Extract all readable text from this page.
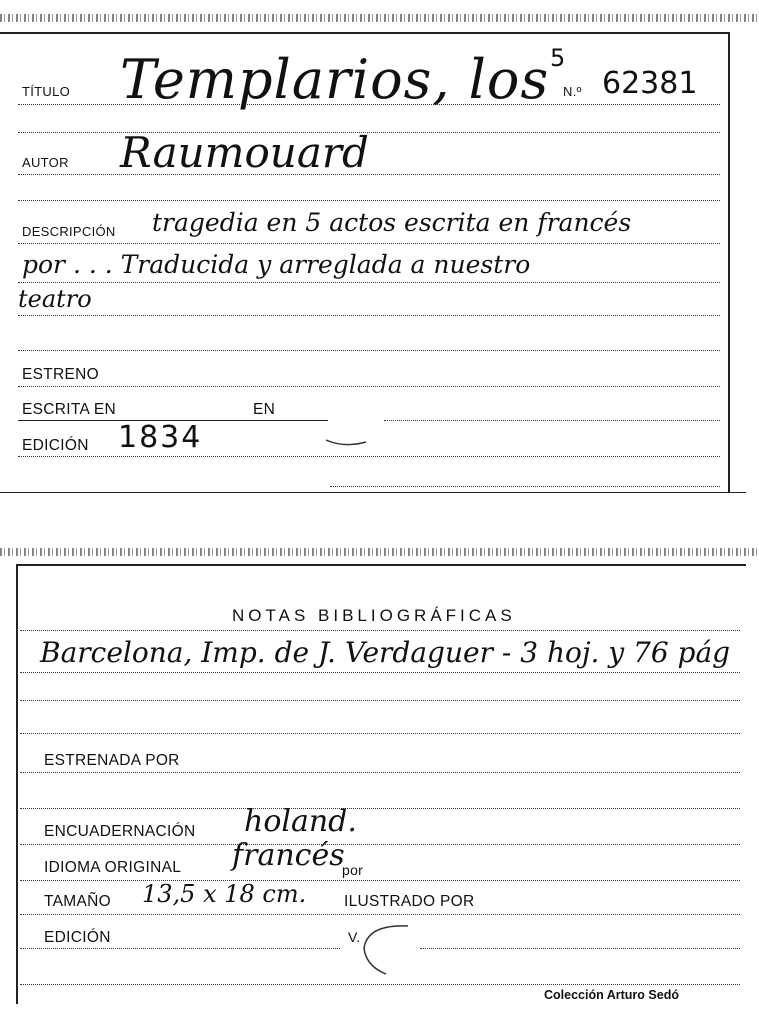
TÍTULO Templarios, los 5
N.º 62381
AUTOR Raumouard
DESCRIPCIÓN tragedia en 5 actos escrita en francés
por . . . Traducida y arreglada a nuestro
teatro
ESTRENO
ESCRITA EN	EN
EDICIÓN 1834
NOTAS BIBLIOGRÁFICAS
Barcelona, Imp. de J. Verdaguer - 3 hoj. y 76 pág
ESTRENADA POR
ENCUADERNACIÓN holand.
IDIOMA ORIGINAL francés
por
TAMAÑO 13,5 x 18 cm. ILUSTRADO POR
EDICIÓN	V.
Colección Arturo Sedó
